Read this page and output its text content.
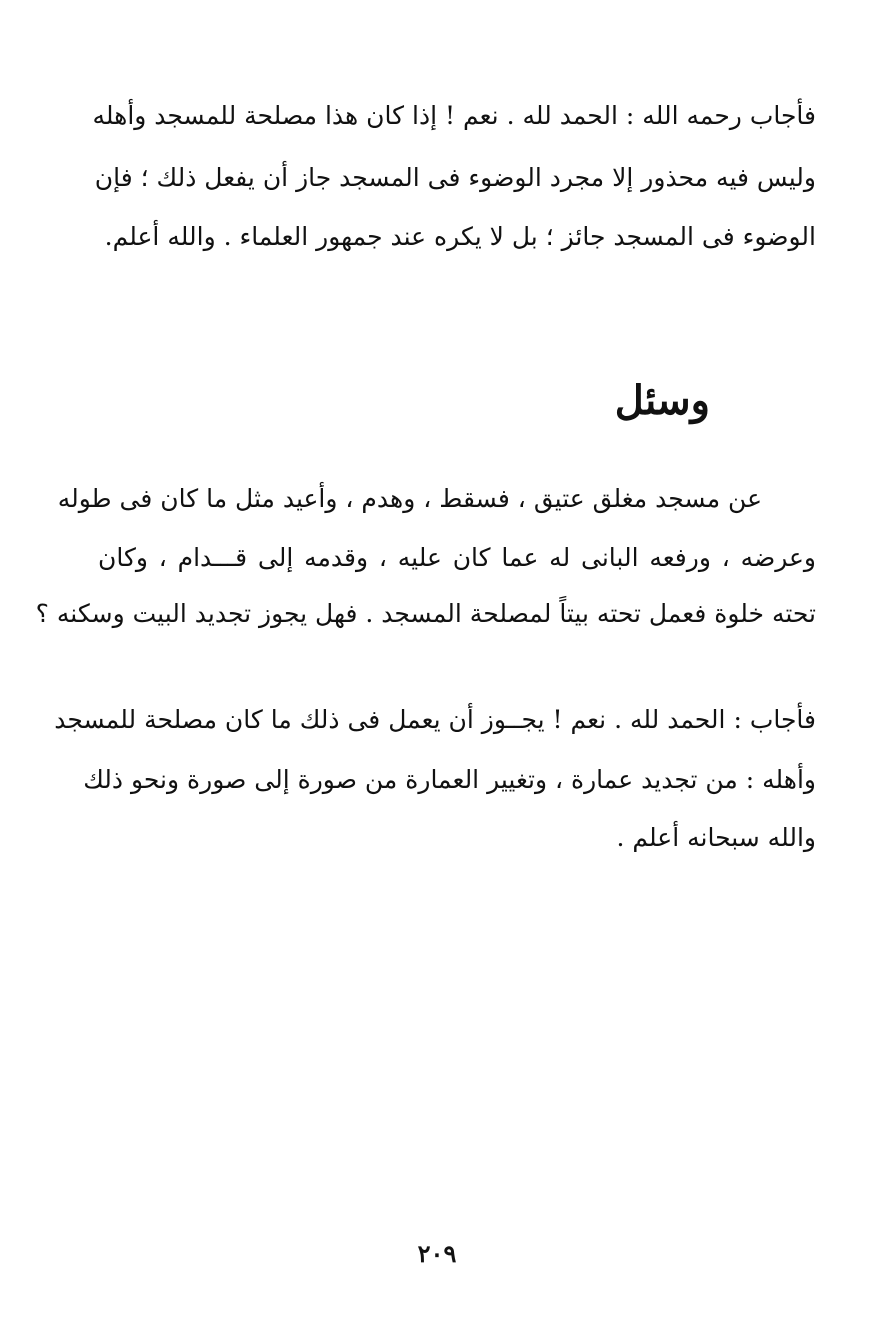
فأجاب رحمه الله : الحمد لله . نعم ! إذا كان هذا مصلحة للمسجد وأهله
وليس فيه محذور إلا مجرد الوضوء فى المسجد جاز أن يفعل ذلك ؛ فإن
الوضوء فى المسجد جائز ؛ بل لا يكره عند جمهور العلماء . والله أعلم.
وسئل
عن مسجد مغلق عتيق ، فسقط ، وهدم ، وأعيد مثل ما كان فى طوله
وعرضه ، ورفعه البانى له عما كان عليه ، وقدمه إلى قـــدام ، وكان
تحته خلوة فعمل تحته بيتاً لمصلحة المسجد . فهل يجوز تجديد البيت وسكنه ؟
فأجاب : الحمد لله . نعم ! يجــوز أن يعمل فى ذلك ما كان مصلحة للمسجد
وأهله : من تجديد عمارة ، وتغيير العمارة من صورة إلى صورة ونحو ذلك
والله سبحانه أعلم .
٢٠٩
